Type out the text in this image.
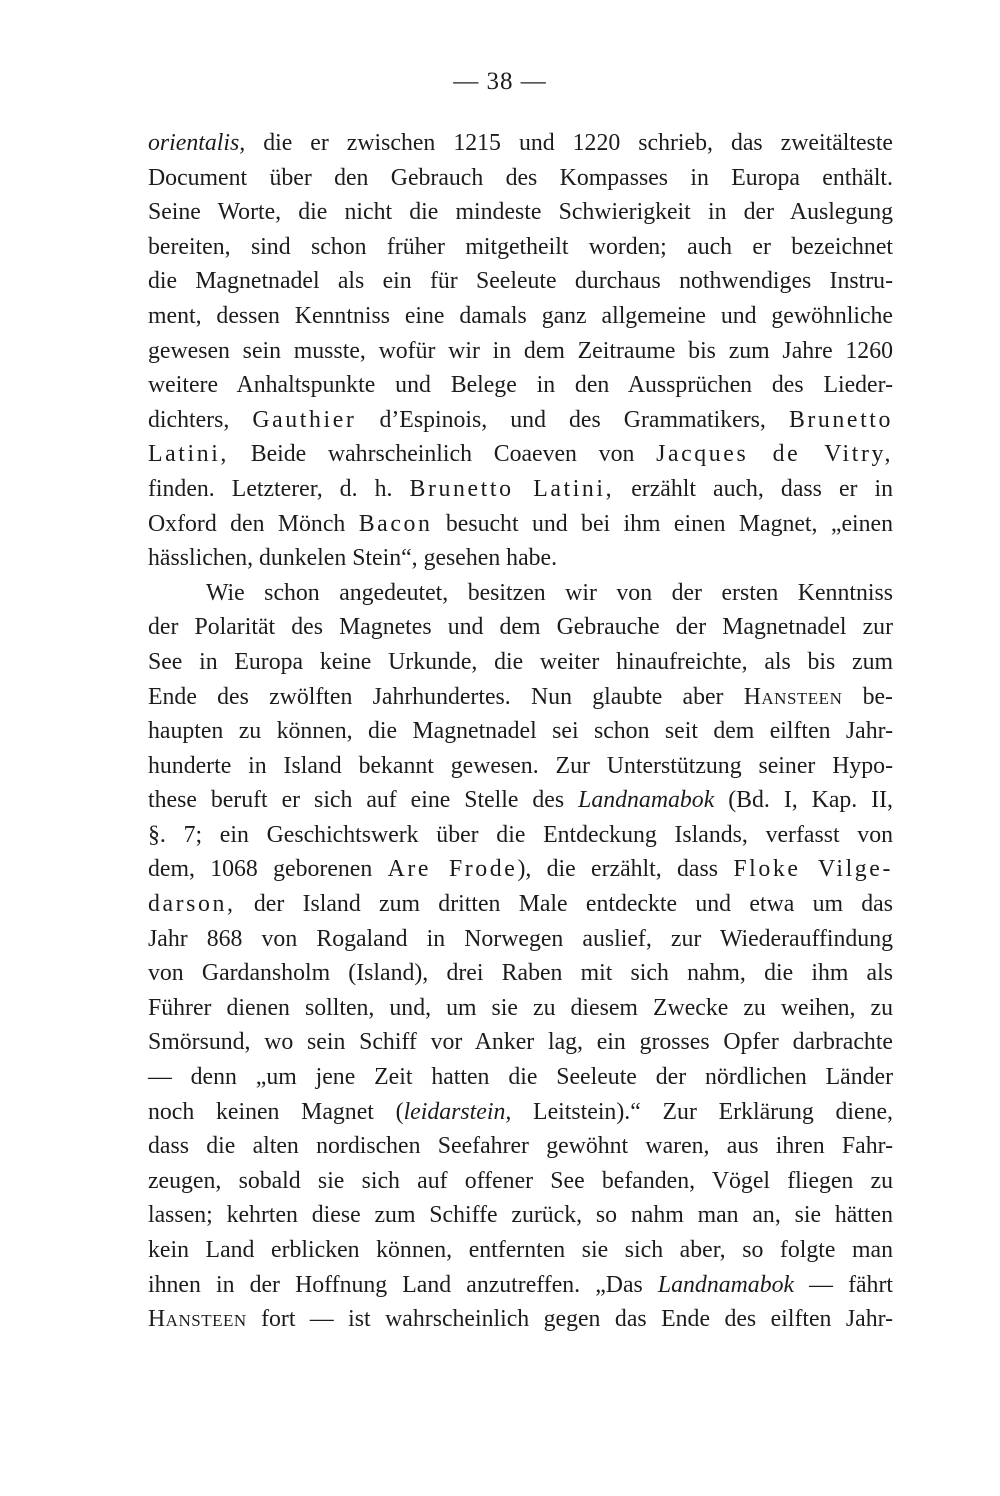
— 38 —
orientalis, die er zwischen 1215 und 1220 schrieb, das zweitälteste
Document über den Gebrauch des Kompasses in Europa enthält.
Seine Worte, die nicht die mindeste Schwierigkeit in der Auslegung
bereiten, sind schon früher mitgetheilt worden; auch er bezeichnet
die Magnetnadel als ein für Seeleute durchaus nothwendiges Instru-
ment, dessen Kenntniss eine damals ganz allgemeine und gewöhnliche
gewesen sein musste, wofür wir in dem Zeitraume bis zum Jahre 1260
weitere Anhaltspunkte und Belege in den Aussprüchen des Lieder-
dichters, Gauthier d’Espinois, und des Grammatikers, Brunetto
Latini, Beide wahrscheinlich Coaeven von Jacques de Vitry,
finden. Letzterer, d. h. Brunetto Latini, erzählt auch, dass er in
Oxford den Mönch Bacon besucht und bei ihm einen Magnet, „einen
hässlichen, dunkelen Stein“, gesehen habe.
Wie schon angedeutet, besitzen wir von der ersten Kenntniss
der Polarität des Magnetes und dem Gebrauche der Magnetnadel zur
See in Europa keine Urkunde, die weiter hinaufreichte, als bis zum
Ende des zwölften Jahrhundertes. Nun glaubte aber Hansteen be-
haupten zu können, die Magnetnadel sei schon seit dem eilften Jahr-
hunderte in Island bekannt gewesen. Zur Unterstützung seiner Hypo-
these beruft er sich auf eine Stelle des Landnamabok (Bd. I, Kap. II,
§. 7; ein Geschichtswerk über die Entdeckung Islands, verfasst von
dem, 1068 geborenen Are Frode), die erzählt, dass Floke Vilge-
darson, der Island zum dritten Male entdeckte und etwa um das
Jahr 868 von Rogaland in Norwegen auslief, zur Wiederauffindung
von Gardansholm (Island), drei Raben mit sich nahm, die ihm als
Führer dienen sollten, und, um sie zu diesem Zwecke zu weihen, zu
Smörsund, wo sein Schiff vor Anker lag, ein grosses Opfer darbrachte
— denn „um jene Zeit hatten die Seeleute der nördlichen Länder
noch keinen Magnet (leidarstein, Leitstein).“ Zur Erklärung diene,
dass die alten nordischen Seefahrer gewöhnt waren, aus ihren Fahr-
zeugen, sobald sie sich auf offener See befanden, Vögel fliegen zu
lassen; kehrten diese zum Schiffe zurück, so nahm man an, sie hätten
kein Land erblicken können, entfernten sie sich aber, so folgte man
ihnen in der Hoffnung Land anzutreffen. „Das Landnamabok — fährt
Hansteen fort — ist wahrscheinlich gegen das Ende des eilften Jahr-
